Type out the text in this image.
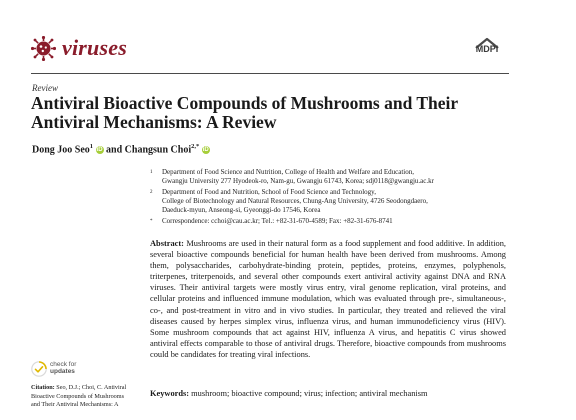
viruses	MDPI
Review
Antiviral Bioactive Compounds of Mushrooms and Their
Antiviral Mechanisms: A Review
Dong Joo Seo$^1$ iD and Changsun Choi$^{2,*}$ iD
1 Department of Food Science and Nutrition, College of Health and Welfare and Education,
Gwangju University 277 Hyodeok-ro, Nam-gu, Gwangju 61743, Korea; sdj0118@gwangju.ac.kr
2 Department of Food and Nutrition, School of Food Science and Technology,
College of Biotechnology and Natural Resources, Chung-Ang University, 4726 Seodongdaero,
Daeduck-myun, Anseong-si, Gyeonggi-do 17546, Korea
* Correspondence: cchoi@cau.ac.kr; Tel.: +82-31-670-4589; Fax: +82-31-676-8741
Abstract: Mushrooms are used in their natural form as a food supplement and food additive. In addition, several bioactive compounds beneficial for human health have been derived from mushrooms. Among them, polysaccharides, carbohydrate-binding protein, peptides, proteins, enzymes, polyphenols, triterpenes, triterpenoids, and several other compounds exert antiviral activity against DNA and RNA viruses. Their antiviral targets were mostly virus entry, viral genome replication, viral proteins, and cellular proteins and influenced immune modulation, which was evaluated through pre-, simultaneous-, co-, and post-treatment in vitro and in vivo studies. In particular, they treated and relieved the viral diseases caused by herpes simplex virus, influenza virus, and human immunodeficiency virus (HIV). Some mushroom compounds that act against HIV, influenza A virus, and hepatitis C virus showed antiviral effects comparable to those of antiviral drugs. Therefore, bioactive compounds from mushrooms could be candidates for treating viral infections.
Keywords: mushroom; bioactive compound; virus; infection; antiviral mechanism
check for
updates
Citation: Seo, D.J.; Choi, C. Antiviral
Bioactive Compounds of Mushrooms
and Their Antiviral Mechanisms: A
